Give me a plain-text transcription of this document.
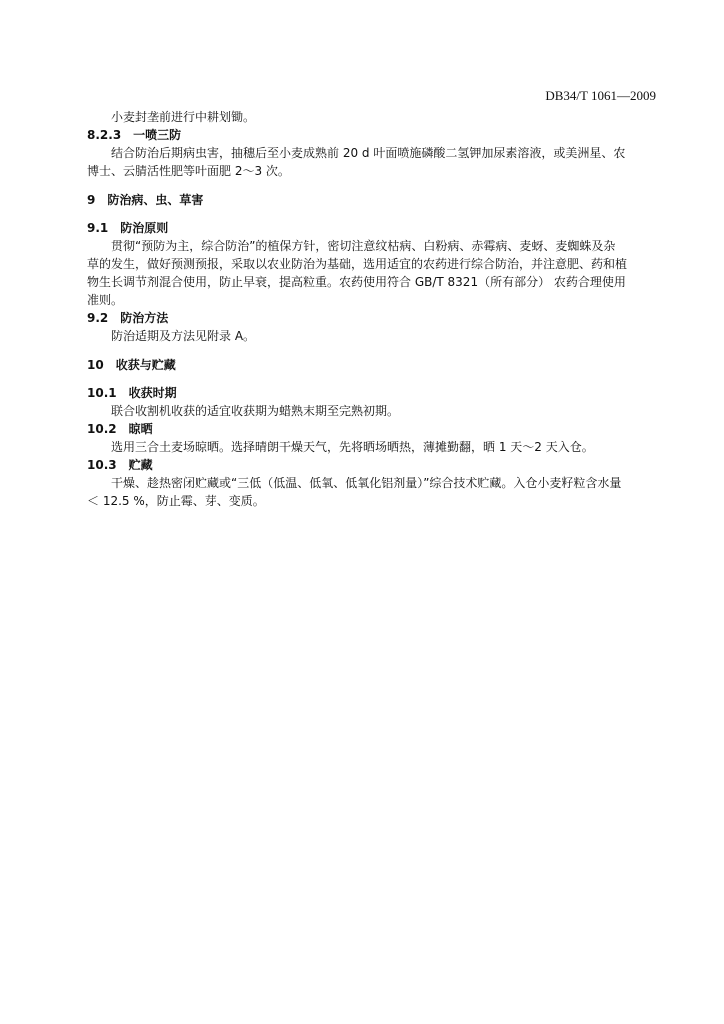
DB34/T 1061—2009

小麦封垄前进行中耕划锄。

8.2.3　一喷三防

结合防治后期病虫害，抽穗后至小麦成熟前 20 d 叶面喷施磷酸二氢钾加尿素溶液，或美洲星、农

博士、云腈活性肥等叶面肥 2～3 次。

9　防治病、虫、草害

9.1　防治原则

贯彻“预防为主，综合防治”的植保方针，密切注意纹枯病、白粉病、赤霉病、麦蚜、麦蜘蛛及杂

草的发生，做好预测预报，采取以农业防治为基础，选用适宜的农药进行综合防治，并注意肥、药和植

物生长调节剂混合使用，防止早衰，提高粒重。农药使用符合 GB/T 8321（所有部分） 农药合理使用

准则。

9.2　防治方法

防治适期及方法见附录 A。

10　收获与贮藏

10.1　收获时期

联合收割机收获的适宜收获期为蜡熟末期至完熟初期。

10.2　晾晒

选用三合土麦场晾晒。选择晴朗干燥天气，先将晒场晒热，薄摊勤翻，晒 1 天～2 天入仓。

10.3　贮藏

干燥、趁热密闭贮藏或“三低（低温、低氧、低氧化铝剂量）”综合技术贮藏。入仓小麦籽粒含水量

＜ 12.5 %，防止霉、芽、变质。
